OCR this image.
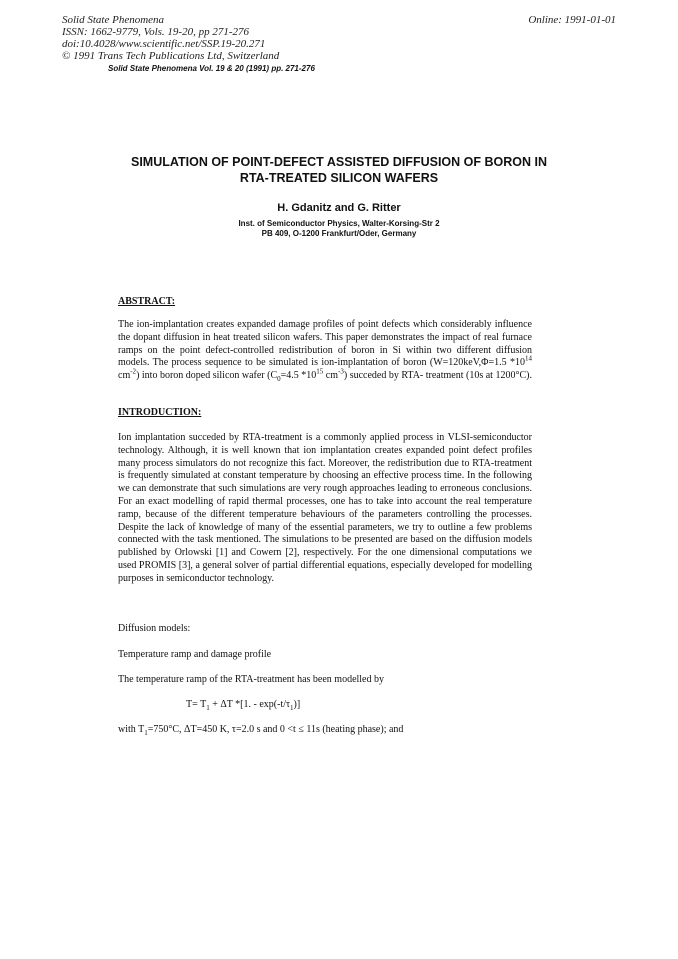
Solid State Phenomena
ISSN: 1662-9779, Vols. 19-20, pp 271-276
doi:10.4028/www.scientific.net/SSP.19-20.271
© 1991 Trans Tech Publications Ltd, Switzerland
Online: 1991-01-01
Solid State Phenomena Vol. 19 & 20 (1991) pp. 271-276
SIMULATION OF POINT-DEFECT ASSISTED DIFFUSION OF BORON IN
RTA-TREATED SILICON WAFERS
H. Gdanitz and G. Ritter
Inst. of Semiconductor Physics, Walter-Korsing-Str 2
PB 409, O-1200 Frankfurt/Oder, Germany
ABSTRACT:
The ion-implantation creates expanded damage profiles of point defects which considerably influence the dopant diffusion in heat treated silicon wafers. This paper demonstrates the impact of real furnace ramps on the point defect-controlled redistribution of boron in Si within two different diffusion models. The process sequence to be simulated is ion-implantation of boron (W=120keV,Φ=1.5 $*10^{14}$ $cm^{-2}$) into boron doped silicon wafer ($C_0=4.5$ $*10^{15}$ $cm^{-3}$) succeded by RTA- treatment (10s at 1200°C).
INTRODUCTION:
Ion implantation succeded by RTA-treatment is a commonly applied process in VLSI-semiconductor technology. Although, it is well known that ion implantation creates expanded point defect profiles many process simulators do not recognize this fact. Moreover, the redistribution due to RTA-treatment is frequently simulated at constant temperature by choosing an effective process time. In the following we can demonstrate that such simulations are very rough approaches leading to erroneous conclusions. For an exact modelling of rapid thermal processes, one has to take into account the real temperature ramp, because of the different temperature behaviours of the parameters controlling the processes. Despite the lack of knowledge of many of the essential parameters, we try to outline a few problems connected with the task mentioned. The simulations to be presented are based on the diffusion models published by Orlowski [1] and Cowern [2], respectively. For the one dimensional computations we used PROMIS [3], a general solver of partial differential equations, especially developed for modelling purposes in semiconductor technology.
Diffusion models:
Temperature ramp and damage profile
The temperature ramp of the RTA-treatment has been modelled by
$T= T_1 + \Delta T$ *[1. - $\exp(-t/\tau_1)$]
with $T_1=750^\circ C$, ΔT=450 K, τ=2.0 s and 0 <t ≤ 11s (heating phase); and
